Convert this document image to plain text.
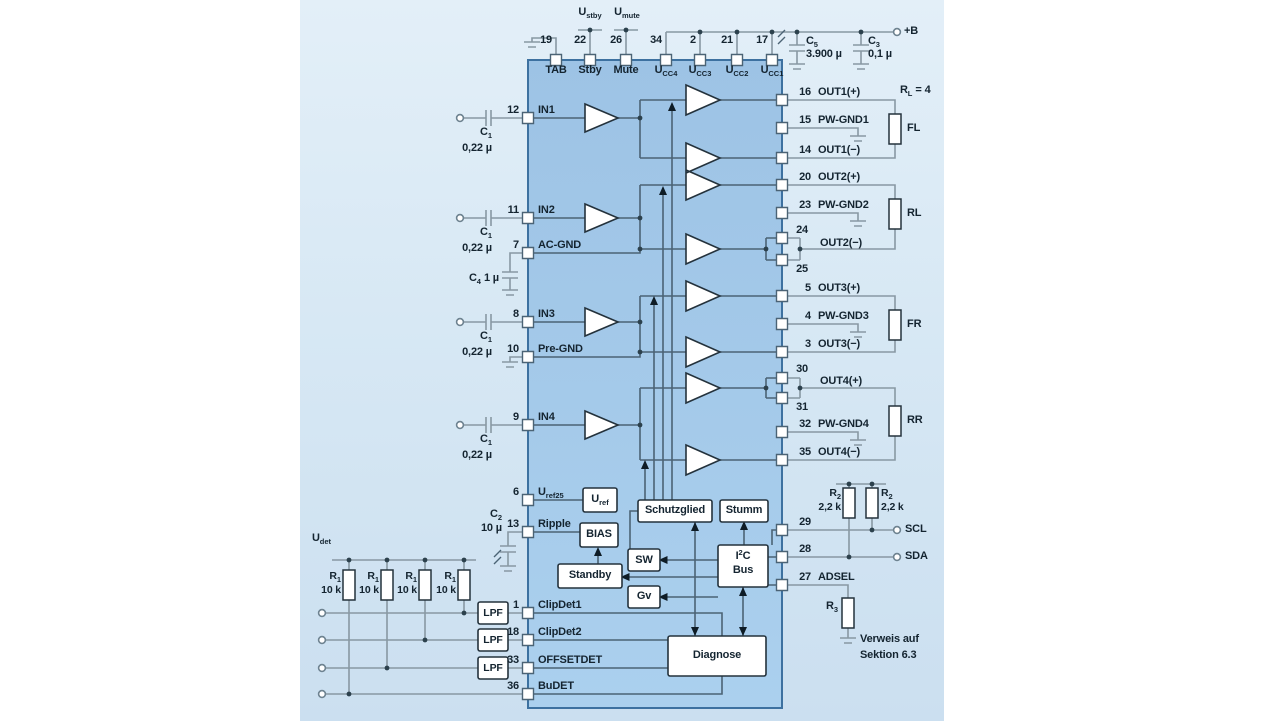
$U_{stby}$ $U_{mute}$
19 22 26	34	2 21 17
TAB Stby Mute $U_{CC4}$ $U_{CC3}$ $U_{CC2}$ $U_{CC1}$
$C_5$
3.900 µ
$C_3$
0,1 µ
+B
12
11
7
8
10
9
6
13
1
18
33
36
IN1
IN2
AC-GND
IN3
Pre-GND
IN4
$U_{ref25}$
Ripple
ClipDet1
ClipDet2
OFFSETDET
BuDET
$C_1$
0,22 µ
$C_1$
0,22 µ
$C_1$
0,22 µ
$C_1$
0,22 µ
$C_4$ 1 µ
$C_2$
10 µ
$U_{det}$
$R_1$
10 k
$R_1$
10 k
$R_1$
10 k
$R_1$
10 k
LPF
LPF
LPF
16 OUT1(+)
15 PW-GND1
14 OUT1(−)
20 OUT2(+)
23 PW-GND2
24
OUT2(−)
25
5 OUT3(+)
4 PW-GND3
3 OUT3(−)
30
OUT4(+)
31
32 PW-GND4
35 OUT4(−)
29
28
27 ADSEL
$R_L = 4$
FL
RL
FR
RR
$R_2$
2,2 k
$R_2$
2,2 k
$R_3$
SCL
SDA
Verweis auf
Sektion 6.3
$U_{ref}$
BIAS
Standby
SW
Gv
Schutzglied Stumm
$I^2C$
Bus
Diagnose
